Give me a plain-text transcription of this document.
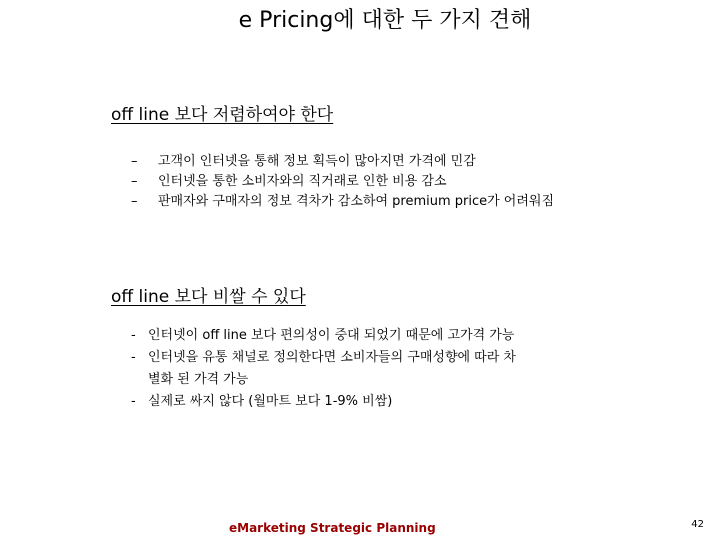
e Pricing에 대한 두 가지 견해
off line 보다 저렴하여야 한다
–	고객이 인터넷을 통해 정보 획득이 많아지면 가격에 민감
–	인터넷을 통한 소비자와의 직거래로 인한 비용 감소
–	판매자와 구매자의 정보 격차가 감소하여 premium price가 어려워짐
off line 보다 비쌀 수 있다
- 인터넷이 off line 보다 편의성이 중대 되었기 때문에 고가격 가능
- 인터넷을 유통 채널로 정의한다면 소비자들의 구매성향에 따라 차
별화 된 가격 가능
- 실제로 싸지 않다 (월마트 보다 1-9% 비쌈)
eMarketing Strategic Planning	42
